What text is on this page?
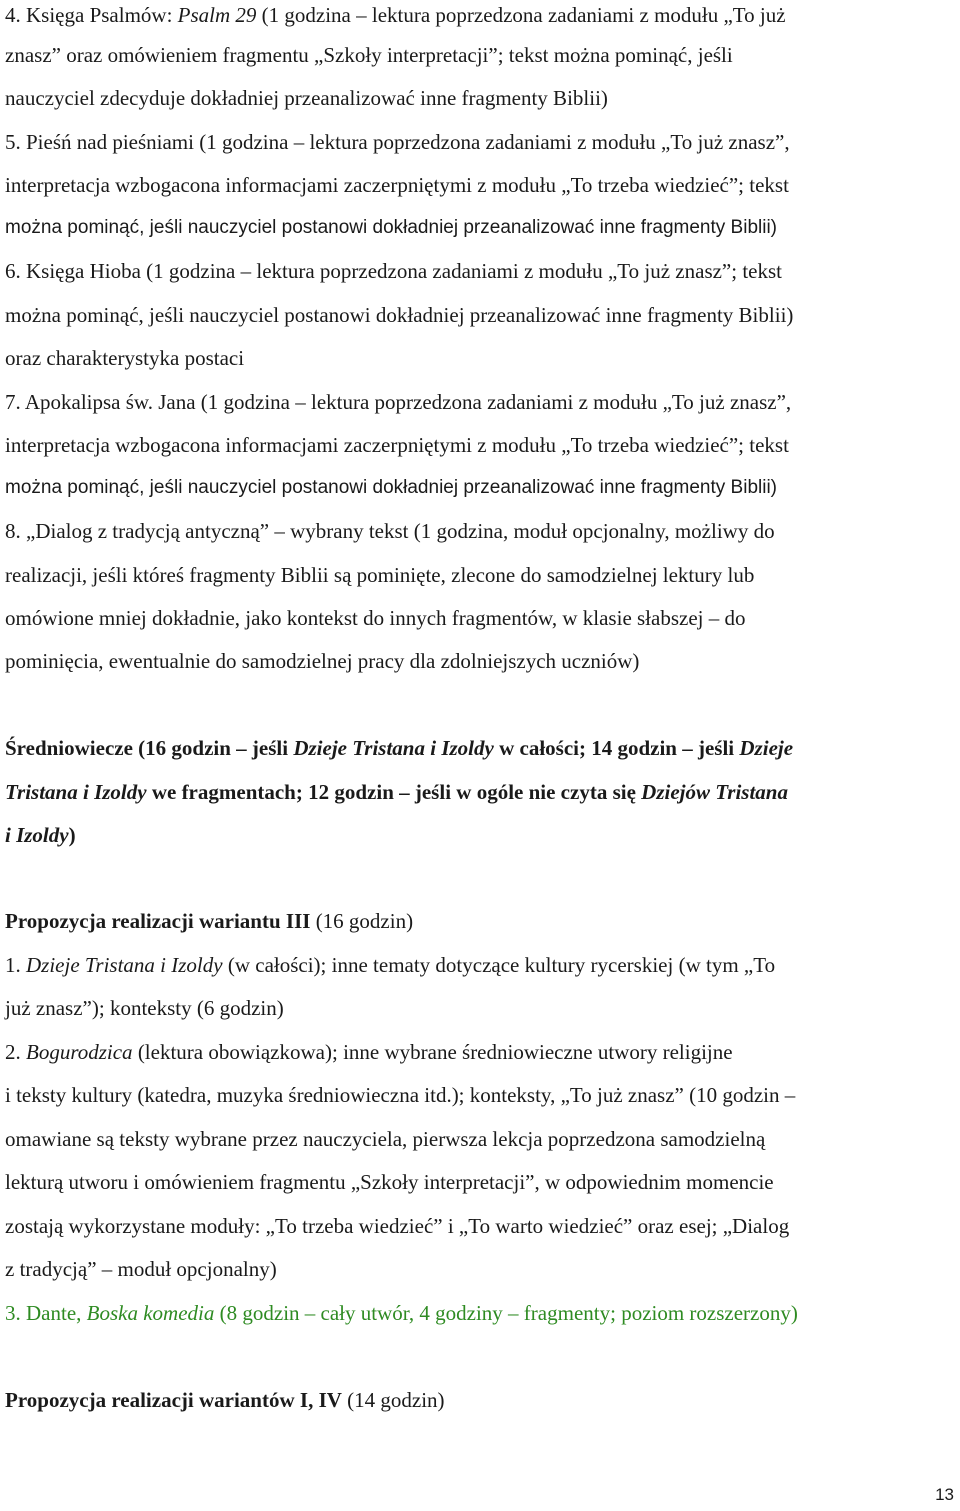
4. Księga Psalmów: Psalm 29 (1 godzina – lektura poprzedzona zadaniami z modułu „To już
znasz” oraz omówieniem fragmentu „Szkoły interpretacji”; tekst można pominąć, jeśli
nauczyciel zdecyduje dokładniej przeanalizować inne fragmenty Biblii)
5. Pieśń nad pieśniami (1 godzina – lektura poprzedzona zadaniami z modułu „To już znasz”,
interpretacja wzbogacona informacjami zaczerpniętymi z modułu „To trzeba wiedzieć”; tekst
można pominąć, jeśli nauczyciel postanowi dokładniej przeanalizować inne fragmenty Biblii)
6. Księga Hioba (1 godzina – lektura poprzedzona zadaniami z modułu „To już znasz”; tekst
można pominąć, jeśli nauczyciel postanowi dokładniej przeanalizować inne fragmenty Biblii)
oraz charakterystyka postaci
7. Apokalipsa św. Jana (1 godzina – lektura poprzedzona zadaniami z modułu „To już znasz”,
interpretacja wzbogacona informacjami zaczerpniętymi z modułu „To trzeba wiedzieć”; tekst
można pominąć, jeśli nauczyciel postanowi dokładniej przeanalizować inne fragmenty Biblii)
8. „Dialog z tradycją antyczną” – wybrany tekst (1 godzina, moduł opcjonalny, możliwy do
realizacji, jeśli któreś fragmenty Biblii są pominięte, zlecone do samodzielnej lektury lub
omówione mniej dokładnie, jako kontekst do innych fragmentów, w klasie słabszej – do
pominięcia, ewentualnie do samodzielnej pracy dla zdolniejszych uczniów)
Średniowiecze (16 godzin – jeśli Dzieje Tristana i Izoldy w całości; 14 godzin – jeśli Dzieje
Tristana i Izoldy we fragmentach; 12 godzin – jeśli w ogóle nie czyta się Dziejów Tristana
i Izoldy)
Propozycja realizacji wariantu III (16 godzin)
1. Dzieje Tristana i Izoldy (w całości); inne tematy dotyczące kultury rycerskiej (w tym „To
już znasz”); konteksty (6 godzin)
2. Bogurodzica (lektura obowiązkowa); inne wybrane średniowieczne utwory religijne
i teksty kultury (katedra, muzyka średniowieczna itd.); konteksty, „To już znasz” (10 godzin –
omawiane są teksty wybrane przez nauczyciela, pierwsza lekcja poprzedzona samodzielną
lekturą utworu i omówieniem fragmentu „Szkoły interpretacji”, w odpowiednim momencie
zostają wykorzystane moduły: „To trzeba wiedzieć” i „To warto wiedzieć” oraz esej; „Dialog
z tradycją” – moduł opcjonalny)
3. Dante, Boska komedia (8 godzin – cały utwór, 4 godziny – fragmenty; poziom rozszerzony)
Propozycja realizacji wariantów I, IV (14 godzin)
13
